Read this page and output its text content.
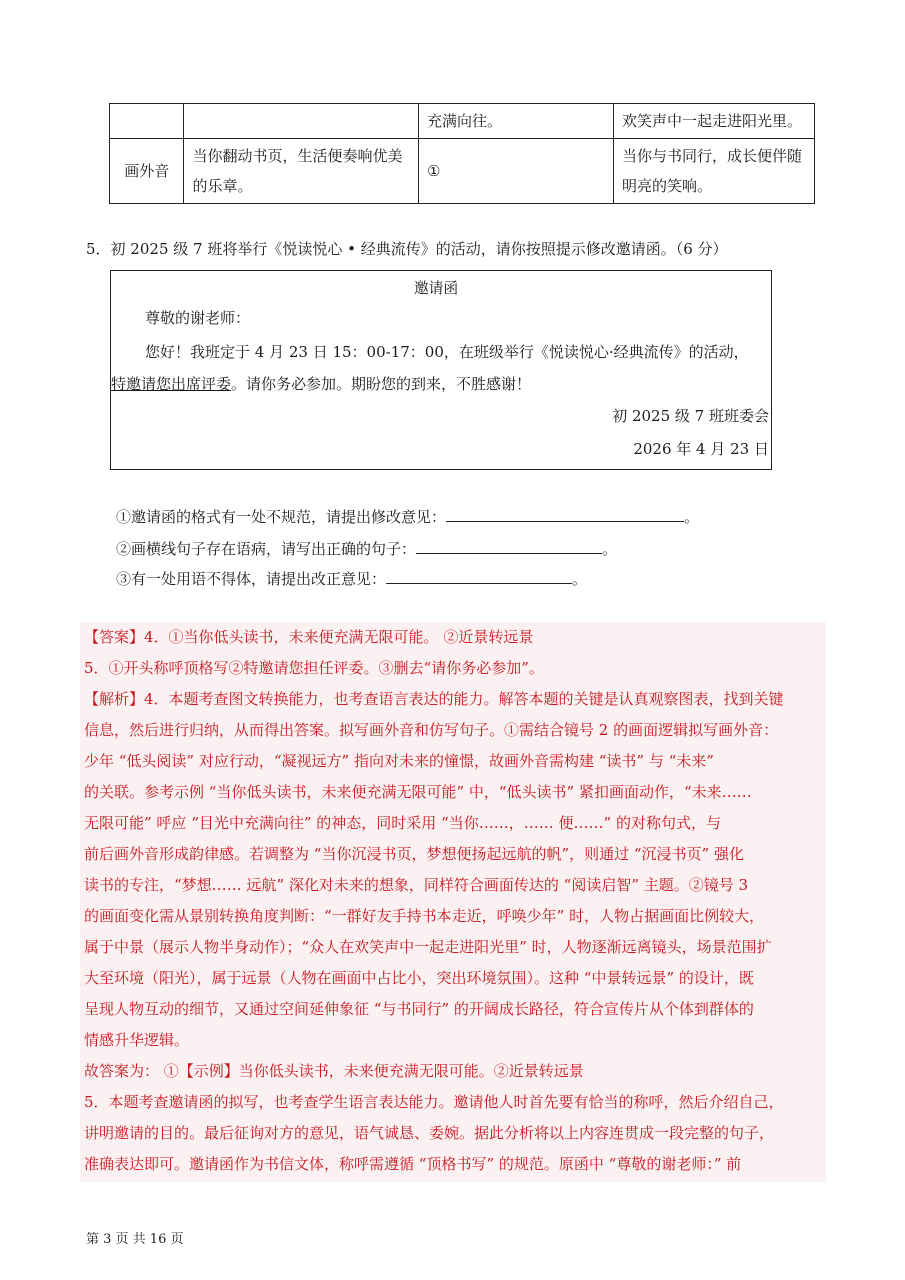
		充满向往。	欢笑声中一起走进阳光里。
画外音	当你翻动书页，生活便奏响优美的乐章。	①	当你与书同行，成长便伴随明亮的笑响。
5．初 2025 级 7 班将举行《悦读悦心 • 经典流传》的活动，请你按照提示修改邀请函。（6 分）
邀请函
尊敬的谢老师：
您好！我班定于 4 月 23 日 15：00-17：00，在班级举行《悦读悦心·经典流传》的活动，
特邀请您出席评委。请你务必参加。期盼您的到来，不胜感谢！
初 2025 级 7 班班委会
2026 年 4 月 23 日
①邀请函的格式有一处不规范，请提出修改意见：	。
②画横线句子存在语病，请写出正确的句子：	。
③有一处用语不得体，请提出改正意见：	。
【答案】4．①当你低头读书，未来便充满无限可能。 ②近景转远景
5．①开头称呼顶格写②特邀请您担任评委。③删去“请你务必参加”。
【解析】4．本题考查图文转换能力，也考查语言表达的能力。解答本题的关键是认真观察图表，找到关键
信息，然后进行归纳，从而得出答案。拟写画外音和仿写句子。①需结合镜号 2 的画面逻辑拟写画外音：
少年 “低头阅读” 对应行动，“凝视远方” 指向对未来的憧憬，故画外音需构建 “读书” 与 “未来”
的关联。参考示例 “当你低头读书，未来便充满无限可能” 中，“低头读书” 紧扣画面动作，“未来……
无限可能” 呼应 “目光中充满向往” 的神态，同时采用 “当你……，…… 便……” 的对称句式，与
前后画外音形成韵律感。若调整为 “当你沉浸书页，梦想便扬起远航的帆”，则通过 “沉浸书页” 强化
读书的专注，“梦想…… 远航” 深化对未来的想象，同样符合画面传达的 “阅读启智” 主题。②镜号 3
的画面变化需从景别转换角度判断：“一群好友手持书本走近，呼唤少年” 时，人物占据画面比例较大，
属于中景（展示人物半身动作）；“众人在欢笑声中一起走进阳光里” 时，人物逐渐远离镜头，场景范围扩
大至环境（阳光），属于远景（人物在画面中占比小，突出环境氛围）。这种 “中景转远景” 的设计，既
呈现人物互动的细节，又通过空间延伸象征 “与书同行” 的开阔成长路径，符合宣传片从个体到群体的
情感升华逻辑。
故答案为： ①【示例】当你低头读书，未来便充满无限可能。②近景转远景
5．本题考查邀请函的拟写，也考查学生语言表达能力。邀请他人时首先要有恰当的称呼，然后介绍自己，
讲明邀请的目的。最后征询对方的意见，语气诚恳、委婉。据此分析将以上内容连贯成一段完整的句子，
准确表达即可。邀请函作为书信文体，称呼需遵循 “顶格书写” 的规范。原函中 “尊敬的谢老师：” 前
第 3 页 共 16 页
